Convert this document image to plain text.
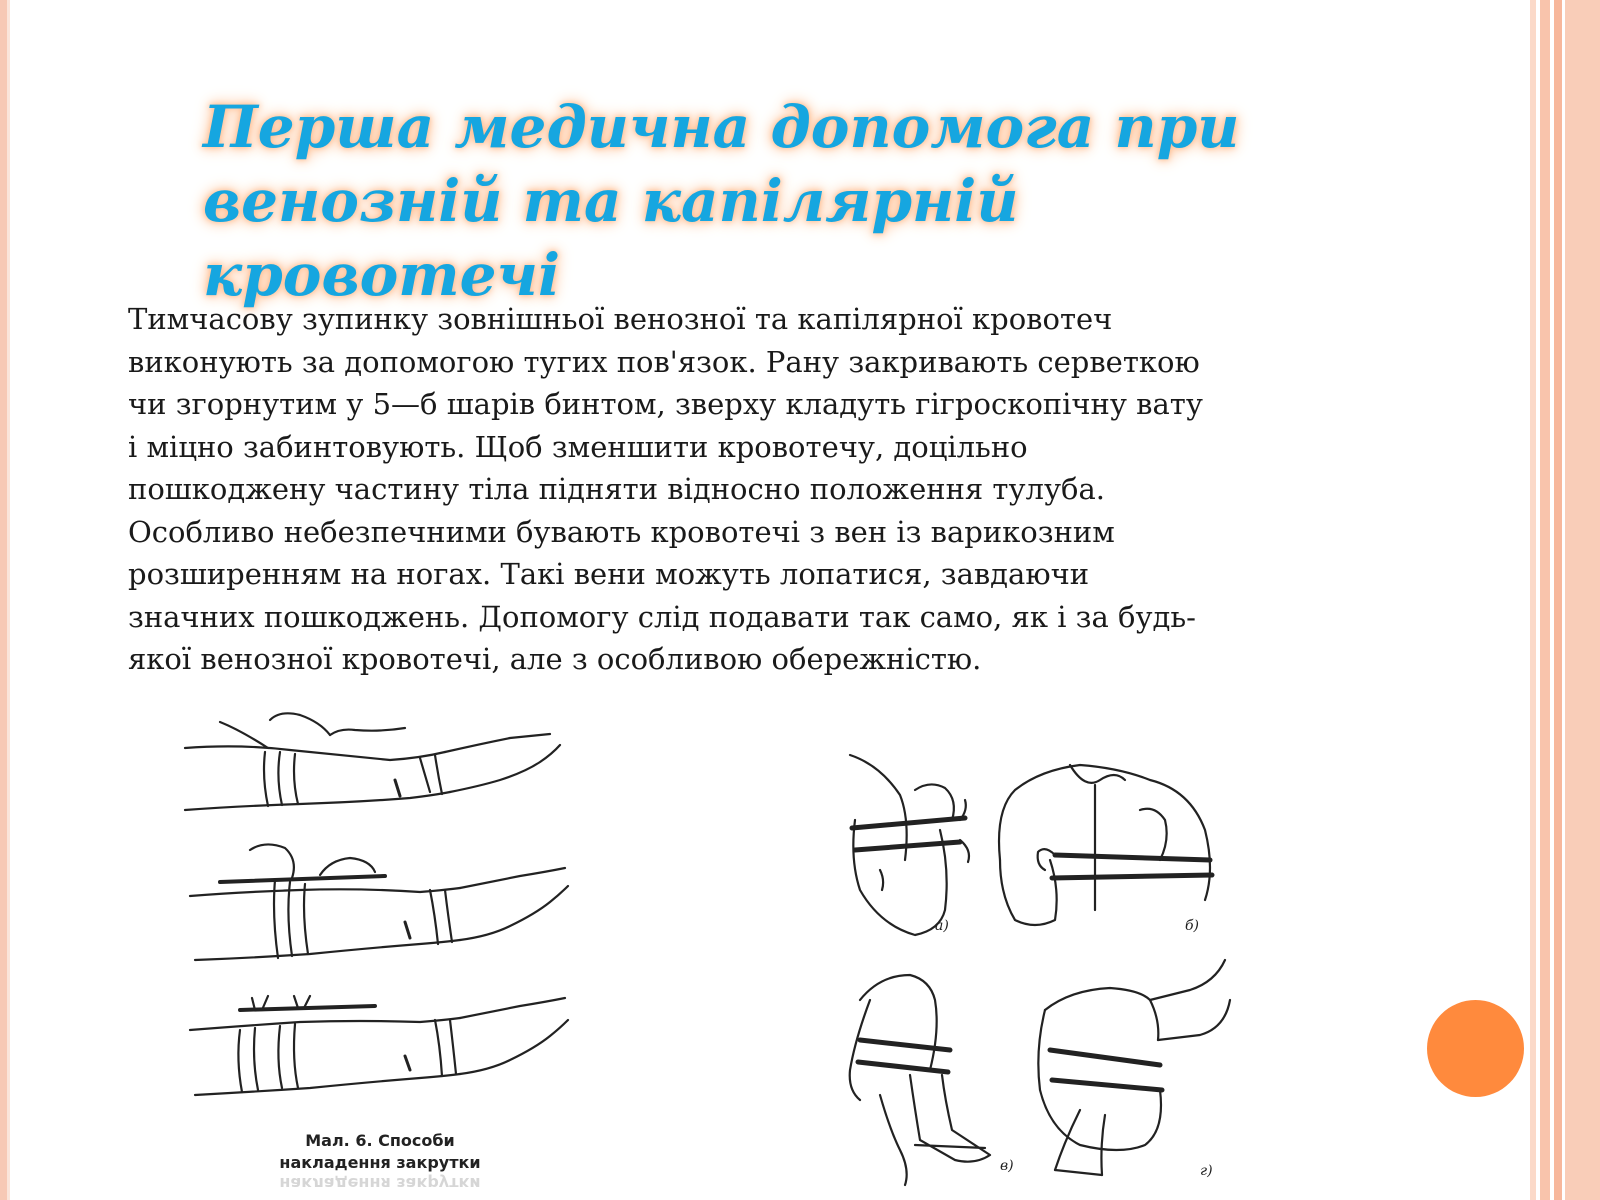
Перша медична допомога при
венозній та капілярній
кровотечі
Тимчасову зупинку зовнішньої венозної та капілярної кровотеч
виконують за допомогою тугих пов'язок. Рану закривають серветкою
чи згорнутим у 5—б шарів бинтом, зверху кладуть гігроскопічну вату
і міцно забинтовують. Щоб зменшити кровотечу, доцільно
пошкоджену частину тіла підняти відносно положення тулуба.
Особливо небезпечними бувають кровотечі з вен із варикозним
розширенням на ногах. Такі вени можуть лопатися, завдаючи
значних пошкоджень. Допомогу слід подавати так само, як і за будь-
якої венозної кровотечі, але з особливою обережністю.
Мал. 6. Способи
накладення закрутки
накладення закрутки
а)	б)
в)	г)
